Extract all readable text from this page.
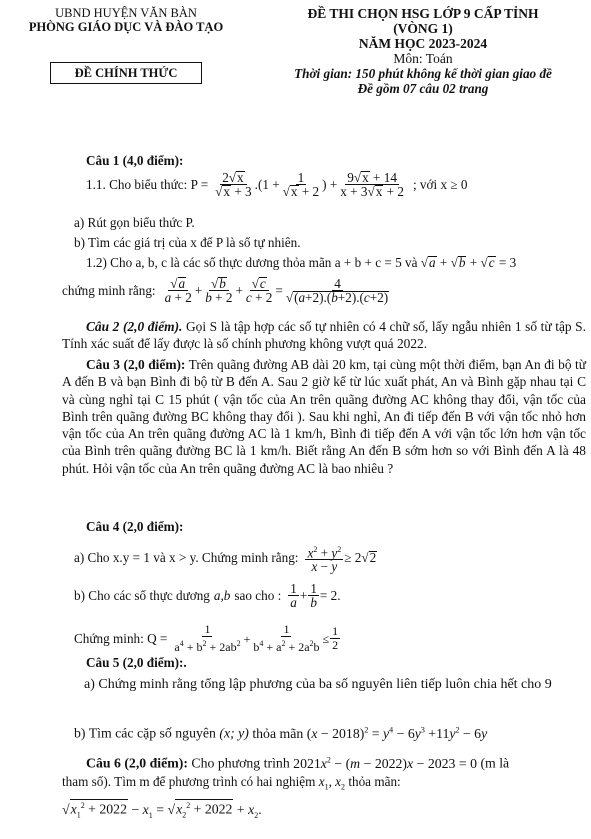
UBND HUYỆN VĂN BÀN
PHÒNG GIÁO DỤC VÀ ĐÀO TẠO
ĐỀ CHÍNH THỨC
ĐỀ THI CHỌN HSG LỚP 9 CẤP TỈNH
(VÒNG 1)
NĂM HỌC 2023-2024
Môn: Toán
Thời gian: 150 phút không kể thời gian giao đề
Đề gồm 07 câu 02 trang
Câu 1 (4,0 điểm):
1.1. Cho biểu thức: P = 2√ x
√ x + 3 .(1 + 1
√ x + 2 ) + $\frac{9√ x + 14}{x + 3√ x + 2}$ ; với x ≥ 0
a) Rút gọn biểu thức P.
b) Tìm các giá trị của x để P là số tự nhiên.
1.2) Cho a, b, c là các số thực dương thỏa mãn a + b + c = 5 và √ a + √ b + √ c = 3
chứng minh rằng:
√ $\frac{a}{a + 2}$ +
√ $\frac{b}{b + 2}$ +
√ $\frac{c}{c + 2} = 4$
√ (a+2).(b+2).(c+2)
Câu 2 (2,0 điểm). Gọi S là tập hợp các số tự nhiên có 4 chữ số, lấy ngẫu nhiên 1 số từ tập S. Tính xác suất để lấy được là số chính phương không vượt quá 2022.
Câu 3 (2,0 điểm): Trên quãng đường AB dài 20 km, tại cùng một thời điểm, bạn An đi bộ từ A đến B và bạn Bình đi bộ từ B đến A. Sau 2 giờ kể từ lúc xuất phát, An và Bình gặp nhau tại C và cùng nghỉ tại C 15 phút ( vận tốc của An trên quãng đường AC không thay đổi, vận tốc của Bình trên quãng đường BC không thay đổi ). Sau khi nghỉ, An đi tiếp đến B với vận tốc nhỏ hơn vận tốc của An trên quãng đường AC là 1 km/h, Bình đi tiếp đến A với vận tốc lớn hơn vận tốc của Bình trên quãng đường BC là 1 km/h. Biết rằng An đến B sớm hơn so với Bình đến A là 48 phút. Hỏi vận tốc của An trên quãng đường AC là bao nhiêu ?
Câu 4 (2,0 điểm):
a) Cho x.y = 1 và x > y. Chứng minh rằng: $\frac{x^2 + y^2}{x - y} \ge 2√$ 2
b) Cho các số thực dương a,b sao cho : $\frac{1}{a} + \frac{1}{b} = 2$.
Chứng minh: $Q = \frac{1}{a^4 + b^2 + 2ab^2} + \frac{1}{b^4 + a^2 + 2a^2b} \le \frac{1}{2}$
Câu 5 (2,0 điểm):.
a) Chứng minh rằng tổng lập phương của ba số nguyên liên tiếp luôn chia hết cho 9
b) Tìm các cặp số nguyên (x; y) thỏa mãn $(x - 2018)^2 = y^4 - 6y^3 +11y^2 - 6y$
Câu 6 (2,0 điểm): Cho phương trình $2021x^2 - (m - 2022)x - 2023 = 0$ (m là
tham số). Tìm m để phương trình có hai nghiệm $x_1$, $x_2$ thỏa mãn:
√ $x_1^2 + 2022 - x_1$ = √ $x_2^2 + 2022 + x_2$.
